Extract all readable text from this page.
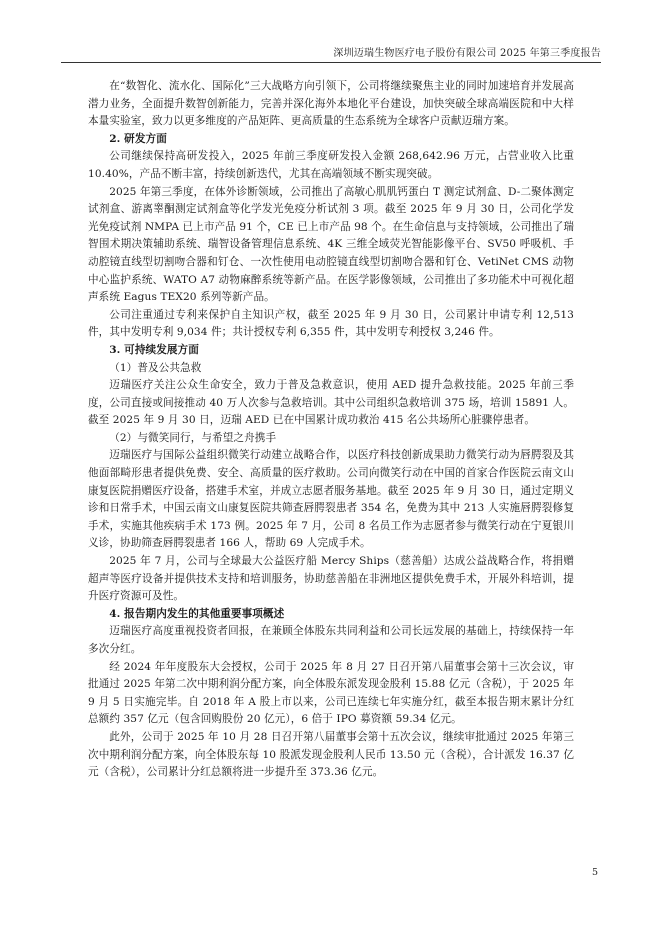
深圳迈瑞生物医疗电子股份有限公司 2025 年第三季度报告

在“数智化、流水化、国际化”三大战略方向引领下，公司将继续聚焦主业的同时加速培育并发展高潜力业务，全面提升数智创新能力，完善并深化海外本地化平台建设，加快突破全球高端医院和中大样本量实验室，致力以更多维度的产品矩阵、更高质量的生态系统为全球客户贡献迈瑞方案。

2. 研发方面

公司继续保持高研发投入，2025 年前三季度研发投入金额 268,642.96 万元，占营业收入比重 10.40%，产品不断丰富，持续创新迭代，尤其在高端领域不断实现突破。

2025 年第三季度，在体外诊断领域，公司推出了高敏心肌肌钙蛋白 T 测定试剂盒、D-二聚体测定试剂盒、游离睾酮测定试剂盒等化学发光免疫分析试剂 3 项。截至 2025 年 9 月 30 日，公司化学发光免疫试剂 NMPA 已上市产品 91 个，CE 已上市产品 98 个。在生命信息与支持领域，公司推出了瑞智围术期决策辅助系统、瑞智设备管理信息系统、4K 三维全域荧光智能影像平台、SV50 呼吸机、手动腔镜直线型切割吻合器和钉仓、一次性使用电动腔镜直线型切割吻合器和钉仓、VetiNet CMS 动物中心监护系统、WATO A7 动物麻醉系统等新产品。在医学影像领域，公司推出了多功能术中可视化超声系统 Eagus TEX20 系列等新产品。

公司注重通过专利来保护自主知识产权，截至 2025 年 9 月 30 日，公司累计申请专利 12,513 件，其中发明专利 9,034 件；共计授权专利 6,355 件，其中发明专利授权 3,246 件。

3. 可持续发展方面

（1）普及公共急救

迈瑞医疗关注公众生命安全，致力于普及急救意识，使用 AED 提升急救技能。2025 年前三季度，公司直接或间接推动 40 万人次参与急救培训。其中公司组织急救培训 375 场，培训 15891 人。截至 2025 年 9 月 30 日，迈瑞 AED 已在中国累计成功救治 415 名公共场所心脏骤停患者。

（2）与微笑同行，与希望之舟携手

迈瑞医疗与国际公益组织微笑行动建立战略合作，以医疗科技创新成果助力微笑行动为唇腭裂及其他面部畸形患者提供免费、安全、高质量的医疗救助。公司向微笑行动在中国的首家合作医院云南文山康复医院捐赠医疗设备，搭建手术室，并成立志愿者服务基地。截至 2025 年 9 月 30 日，通过定期义诊和日常手术，中国云南文山康复医院共筛查唇腭裂患者 354 名，免费为其中 213 人实施唇腭裂修复手术，实施其他疾病手术 173 例。2025 年 7 月，公司 8 名员工作为志愿者参与微笑行动在宁夏银川义诊，协助筛查唇腭裂患者 166 人，帮助 69 人完成手术。

2025 年 7 月，公司与全球最大公益医疗船 Mercy Ships（慈善船）达成公益战略合作，将捐赠超声等医疗设备并提供技术支持和培训服务，协助慈善船在非洲地区提供免费手术，开展外科培训，提升医疗资源可及性。

4. 报告期内发生的其他重要事项概述

迈瑞医疗高度重视投资者回报，在兼顾全体股东共同利益和公司长远发展的基础上，持续保持一年多次分红。

经 2024 年年度股东大会授权，公司于 2025 年 8 月 27 日召开第八届董事会第十三次会议，审批通过 2025 年第二次中期利润分配方案，向全体股东派发现金股利 15.88 亿元（含税），于 2025 年 9 月 5 日实施完毕。自 2018 年 A 股上市以来，公司已连续七年实施分红，截至本报告期末累计分红总额约 357 亿元（包含回购股份 20 亿元），6 倍于 IPO 募资额 59.34 亿元。

此外，公司于 2025 年 10 月 28 日召开第八届董事会第十五次会议，继续审批通过 2025 年第三次中期利润分配方案，向全体股东每 10 股派发现金股利人民币 13.50 元（含税），合计派发 16.37 亿元（含税），公司累计分红总额将进一步提升至 373.36 亿元。

5
